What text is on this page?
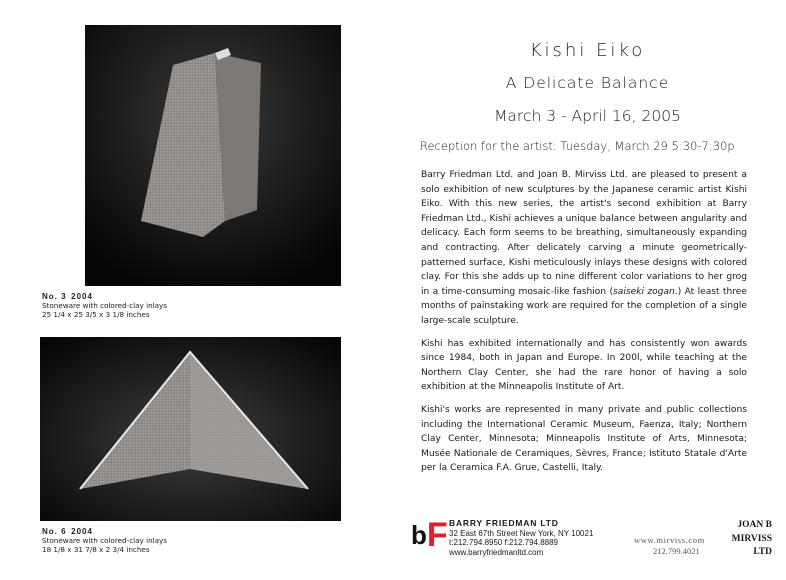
No. 3 2004
Stoneware with colored-clay inlays
25 1/4 x 25 3/5 x 3 1/8 inches
No. 6 2004
Stoneware with colored-clay inlays
18 1/8 x 31 7/8 x 2 3/4 inches
Kishi Eiko
A Delicate Balance
March 3 - April 16, 2005
Reception for the artist: Tuesday, March 29 5:30-7:30p

Barry Friedman Ltd. and Joan B. Mirviss Ltd. are pleased to present a solo exhibition of new sculptures by the Japanese ceramic artist Kishi Eiko. With this new series, the artist's second exhibition at Barry Friedman Ltd., Kishi achieves a unique balance between angularity and delicacy. Each form seems to be breathing, simultaneously expanding and contracting. After delicately carving a minute geometrically-patterned surface, Kishi meticulously inlays these designs with colored clay. For this she adds up to nine different color variations to her grog in a time-consuming mosaic-like fashion (saiseki zogan.) At least three months of painstaking work are required for the completion of a single large-scale sculpture.

Kishi has exhibited internationally and has consistently won awards since 1984, both in Japan and Europe. In 200l, while teaching at the Northern Clay Center, she had the rare honor of having a solo exhibition at the Minneapolis Institute of Art.

Kishi's works are represented in many private and public collections including the International Ceramic Museum, Faenza, Italy; Northern Clay Center, Minnesota; Minneapolis Institute of Arts, Minnesota; Musée Nationale de Ceramiques, Sèvres, France; Istituto Statale d'Arte per la Ceramica F.A. Grue, Castelli, Italy.

bF BARRY FRIEDMAN LTD
32 East 67th Street New York, NY 10021
t:212.794.8950 f:212.794.8889
www.barryfriedmanltd.com
www.mirviss.com
212.799.4021
JOAN B
MIRVISS
LTD
